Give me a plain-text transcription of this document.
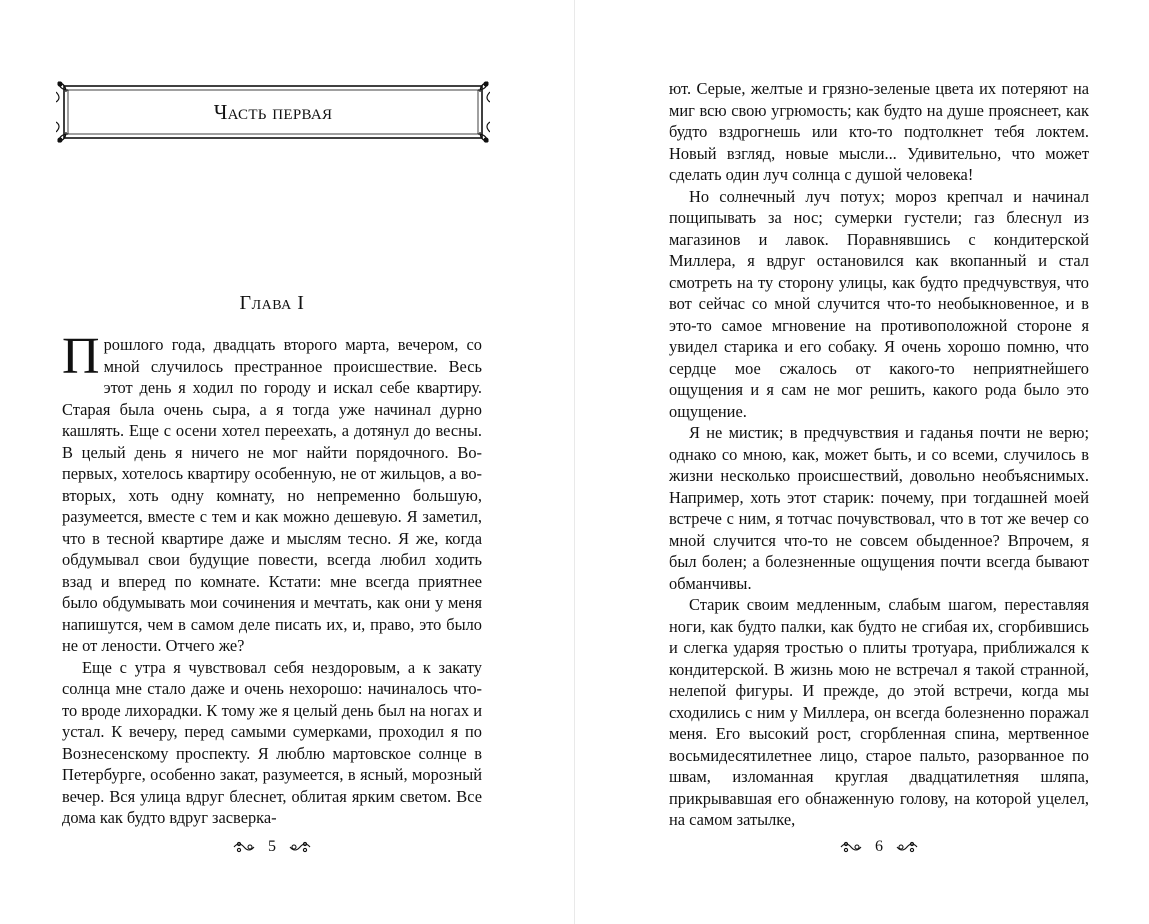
Часть первая
Глава I

Прошлого года, двадцать второго марта, вечером, со мной случилось престранное происшествие. Весь этот день я ходил по городу и искал себе квартиру. Старая была очень сыра, а я тогда уже начинал дурно кашлять. Еще с осени хотел переехать, а дотянул до весны. В целый день я ничего не мог найти порядочного. Во-первых, хотелось квартиру особенную, не от жильцов, а во-вторых, хоть одну комнату, но непременно большую, разумеется, вместе с тем и как можно дешевую. Я заметил, что в тесной квартире даже и мыслям тесно. Я же, когда обдумывал свои будущие повести, всегда любил ходить взад и вперед по комнате. Кстати: мне всегда приятнее было обдумывать мои сочинения и мечтать, как они у меня напишутся, чем в самом деле писать их, и, право, это было не от лености. Отчего же?

Еще с утра я чувствовал себя нездоровым, а к закату солнца мне стало даже и очень нехорошо: начиналось что-то вроде лихорадки. К тому же я целый день был на ногах и устал. К вечеру, перед самыми сумерками, проходил я по Вознесенскому проспекту. Я люблю мартовское солнце в Петербурге, особенно закат, разумеется, в ясный, морозный вечер. Вся улица вдруг блеснет, облитая ярким светом. Все дома как будто вдруг засверка-

5

ют. Серые, желтые и грязно-зеленые цвета их потеряют на миг всю свою угрюмость; как будто на душе прояснеет, как будто вздрогнешь или кто-то подтолкнет тебя локтем. Новый взгляд, новые мысли... Удивительно, что может сделать один луч солнца с душой человека!

Но солнечный луч потух; мороз крепчал и начинал пощипывать за нос; сумерки густели; газ блеснул из магазинов и лавок. Поравнявшись с кондитерской Миллера, я вдруг остановился как вкопанный и стал смотреть на ту сторону улицы, как будто предчувствуя, что вот сейчас со мной случится что-то необыкновенное, и в это-то самое мгновение на противоположной стороне я увидел старика и его собаку. Я очень хорошо помню, что сердце мое сжалось от какого-то неприятнейшего ощущения и я сам не мог решить, какого рода было это ощущение.

Я не мистик; в предчувствия и гаданья почти не верю; однако со мною, как, может быть, и со всеми, случилось в жизни несколько происшествий, довольно необъяснимых. Например, хоть этот старик: почему, при тогдашней моей встрече с ним, я тотчас почувствовал, что в тот же вечер со мной случится что-то не совсем обыденное? Впрочем, я был болен; а болезненные ощущения почти всегда бывают обманчивы.

Старик своим медленным, слабым шагом, переставляя ноги, как будто палки, как будто не сгибая их, сгорбившись и слегка ударяя тростью о плиты тротуара, приближался к кондитерской. В жизнь мою не встречал я такой странной, нелепой фигуры. И прежде, до этой встречи, когда мы сходились с ним у Миллера, он всегда болезненно поражал меня. Его высокий рост, сгорбленная спина, мертвенное восьмидесятилетнее лицо, старое пальто, разорванное по швам, изломанная круглая двадцатилетняя шляпа, прикрывавшая его обнаженную голову, на которой уцелел, на самом затылке,

6
